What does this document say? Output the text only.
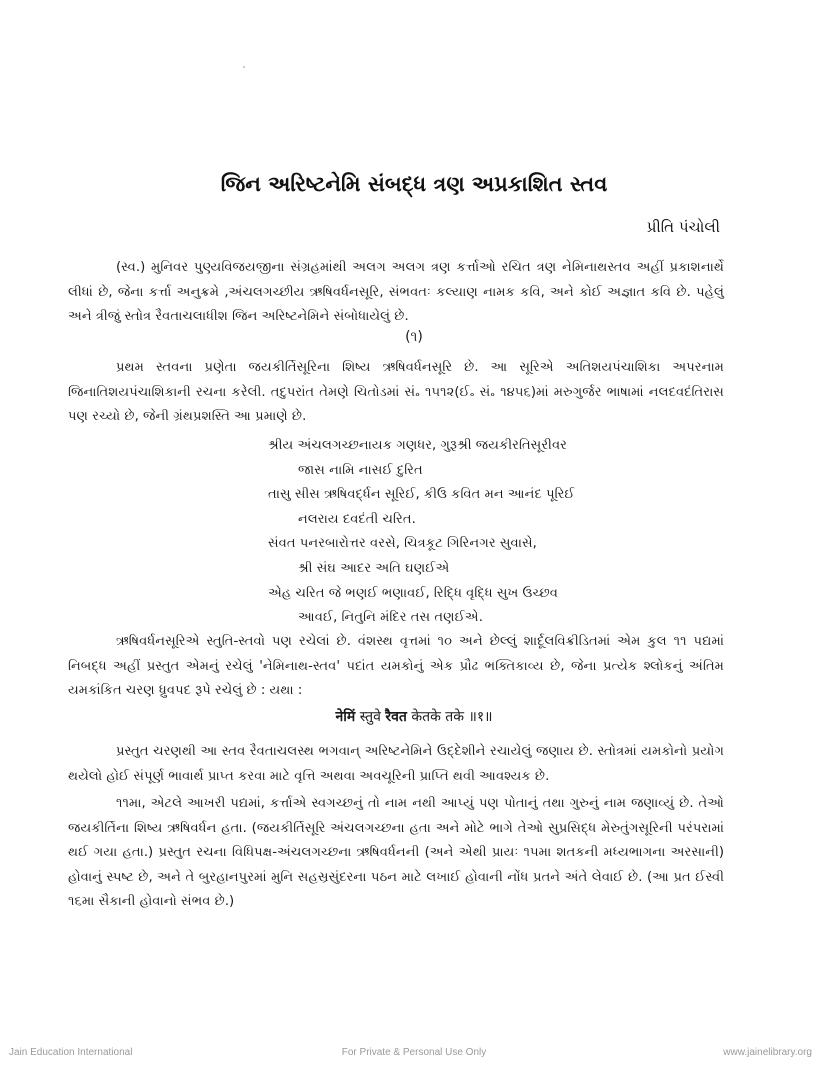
જિન અરિષ્ટનેમિ સંબદ્ધ ત્રણ અપ્રકાશિત સ્તવ
પ્રીતિ પંચોલી

(સ્વ.) મુનિવર પુણ્યવિજયજીના સંગ્રહમાંથી અલગ અલગ ત્રણ કર્ત્તાઓ રચિત ત્રણ નેમિનાથસ્તવ અહીં પ્રકાશનાર્થે લીધાં છે, જેના કર્ત્તા અનુક્રમે ,અંચલગચ્છીય ઋષિવર્ધનસૂરિ, સંભવતઃ કલ્યાણ નામક કવિ, અને કોઈ અજ્ઞાત કવિ છે. પહેલું અને ત્રીજું સ્તોત્ર રૈવતાચલાધીશ જિન અરિષ્ટનેમિને સંબોધાયેલું છે.

(૧)

પ્રથમ સ્તવના પ્રણેતા જયકીર્તિસૂરિના શિષ્ય ઋષિવર્ધનસૂરિ છે. આ સૂરિએ અતિશયપંચાશિકા અપરનામ જિનાતિશયપંચાશિકાની રચના કરેલી. તદુપરાંત તેમણે ચિતોડમાં સં૰ ૧૫૧૨(ઈ૰ સં૰ ૧૪૫૬)માં મરુગુર્જર ભાષામાં નલદવદંતિરાસ પણ રચ્યો છે, જેની ગ્રંથપ્રશસ્તિ આ પ્રમાણે છે.

શ્રીય અંચલગચ્છનાયક ગણધર, ગુરૂશ્રી જયકીરતિસૂરીવર
જાસ નામિ નાસઈ દુરિત
તાસુ સીસ ઋષિવર્દ્ધન સૂરિઈ, કીઉ કવિત મન આનંદ પૂરિઈ
નલરાય દવદંતી ચરિત.
સંવત પનરબારોત્તર વરસે, ચિત્રકૂટ ગિરિનગર સુવાસે,
શ્રી સંઘ આદર અતિ ઘણઈએ
એહ ચરિત જે ભણઈ ભણાવઈ, રિદ્ધિ વૃદ્ધિ સુખ ઉચ્છવ
આવઈ, નિતુનિ મંદિર તસ તણઈએ.

ઋષિવર્ધનસૂરિએ સ્તુતિ-સ્તવો પણ રચેલાં છે. વંશસ્થ વૃત્તમાં ૧૦ અને છેલ્લું શાર્દૂલવિક્રીડિતમાં એમ કુલ ૧૧ પદ્યમાં નિબદ્ધ અહીં પ્રસ્તુત એમનું રચેલું 'નેમિનાથ-સ્તવ' પદાંત યમકોનું એક પ્રૌઢ ભક્તિકાવ્ય છે, જેના પ્રત્યેક શ્લોકનું અંતિમ યમકાંકિત ચરણ ધ્રુવપદ રૂપે રચેલું છે : યથા :

नेमिं स्तुवे रैवत केतके तके ॥१॥

પ્રસ્તુત ચરણથી આ સ્તવ રૈવતાચલસ્થ ભગવાન્ અરિષ્ટનેમિને ઉદ્દેશીને રચાયેલું જણાય છે. સ્તોત્રમાં યમકોનો પ્રયોગ થયેલો હોઈ સંપૂર્ણ ભાવાર્થ પ્રાપ્ત કરવા માટે વૃત્તિ અથવા અવચૂરિની પ્રાપ્તિ થવી આવશ્યક છે.

૧૧મા, એટલે આખરી પદ્યમાં, કર્ત્તાએ સ્વગચ્છનું તો નામ નથી આપ્યું પણ પોતાનું તથા ગુરુનું નામ જણાવ્યું છે. તેઓ જયકીર્તિના શિષ્ય ઋષિવર્ધન હતા. (જયકીર્તિસૂરિ અંચલગચ્છના હતા અને મોટે ભાગે તેઓ સુપ્રસિદ્ધ મેરુતુંગસૂરિની પરંપરામાં થઈ ગયા હતા.) પ્રસ્તુત રચના વિધિપક્ષ-અંચલગચ્છના ઋષિવર્ધનની (અને એથી પ્રાયઃ ૧૫મા શતકની મધ્યભાગના અરસાની) હોવાનું સ્પષ્ટ છે, અને તે બુરહાનપુરમાં મુનિ સહસ્રસુંદરના પઠન માટે લખાઈ હોવાની નોંધ પ્રતને અંતે લેવાઈ છે. (આ પ્રત ઈસ્વી ૧૬મા સૈકાની હોવાનો સંભવ છે.)

Jain Education International	For Private & Personal Use Only	www.jainelibrary.org
